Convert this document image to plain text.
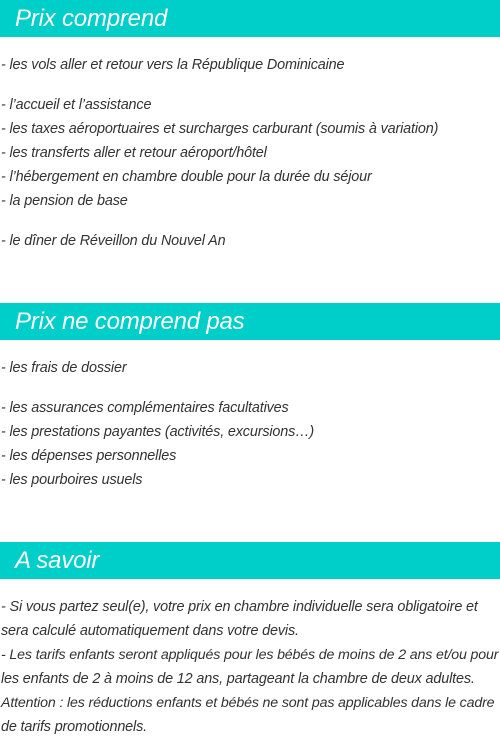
Prix comprend
- les vols aller et retour vers la République Dominicaine
- l’accueil et l’assistance
- les taxes aéroportuaires et surcharges carburant (soumis à variation)
- les transferts aller et retour aéroport/hôtel
- l’hébergement en chambre double pour la durée du séjour
- la pension de base
- le dîner de Réveillon du Nouvel An
Prix ne comprend pas
- les frais de dossier
- les assurances complémentaires facultatives
- les prestations payantes (activités, excursions…)
- les dépenses personnelles
- les pourboires usuels
A savoir
- Si vous partez seul(e), votre prix en chambre individuelle sera obligatoire et
sera calculé automatiquement dans votre devis.
- Les tarifs enfants seront appliqués pour les bébés de moins de 2 ans et/ou pour
les enfants de 2 à moins de 12 ans, partageant la chambre de deux adultes.
Attention : les réductions enfants et bébés ne sont pas applicables dans le cadre
de tarifs promotionnels.
